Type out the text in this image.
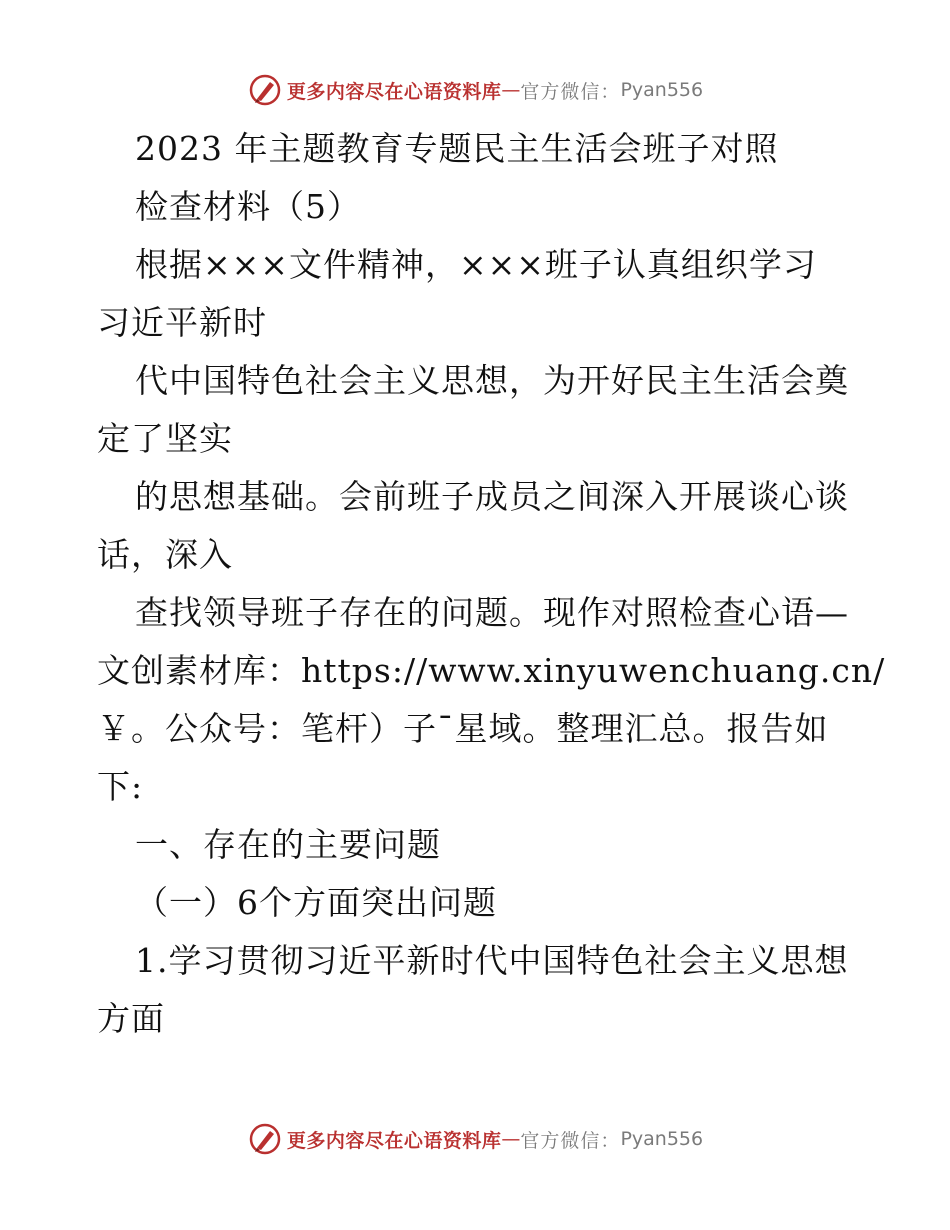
更多内容尽在心语资料库 — 官方微信： Pyan556
2023 年主题教育专题民主生活会班子对照
检查材料（5）
根据×××文件精神，×××班子认真组织学习
习近平新时
代中国特色社会主义思想，为开好民主生活会奠
定了坚实
的思想基础。会前班子成员之间深入开展谈心谈
话，深入
查找领导班子存在的问题。现作对照检查心语—
文创素材库：https://www.xinyuwenchuang.cn/
￥。公众号：笔杆）子¯星域。整理汇总。报告如
下:
一、存在的主要问题
（一）6个方面突出问题
1.学习贯彻习近平新时代中国特色社会主义思想
方面
更多内容尽在心语资料库 — 官方微信： Pyan556
